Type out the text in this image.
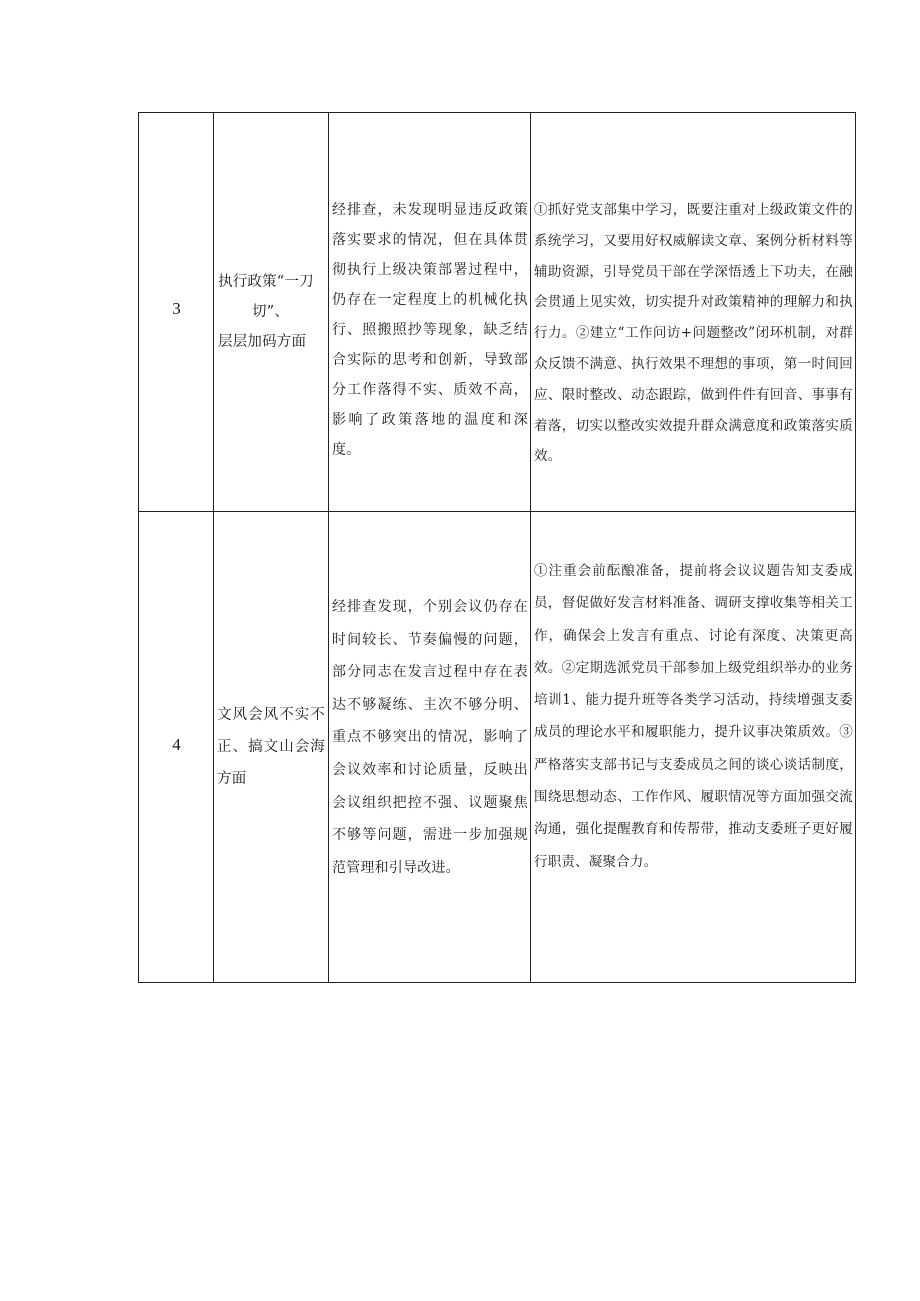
3
执行政策“一刀
切”、
层层加码方面
经排查，未发现明显违反政策落实要求的情况，但在具体贯彻执行上级决策部署过程中，仍存在一定程度上的机械化执行、照搬照抄等现象，缺乏结合实际的思考和创新，导致部分工作落得不实、质效不高，影响了政策落地的温度和深度。
①抓好党支部集中学习，既要注重对上级政策文件的系统学习，又要用好权威解读文章、案例分析材料等辅助资源，引导党员干部在学深悟透上下功夫，在融会贯通上见实效，切实提升对政策精神的理解力和执行力。②建立“工作问访+问题整改”闭环机制，对群众反馈不满意、执行效果不理想的事项，第一时间回应、限时整改、动态跟踪，做到件件有回音、事事有着落，切实以整改实效提升群众满意度和政策落实质效。
4
文风会风不实不正、搞文山会海方面
经排查发现，个别会议仍存在时间较长、节奏偏慢的问题，部分同志在发言过程中存在表达不够凝练、主次不够分明、重点不够突出的情况，影响了会议效率和讨论质量，反映出会议组织把控不强、议题聚焦不够等问题，需进一步加强规范管理和引导改进。
①注重会前酝酿准备，提前将会议议题告知支委成员，督促做好发言材料准备、调研支撑收集等相关工作，确保会上发言有重点、讨论有深度、决策更高效。②定期选派党员干部参加上级党组织举办的业务培训1、能力提升班等各类学习活动，持续增强支委成员的理论水平和履职能力，提升议事决策质效。③严格落实支部书记与支委成员之间的谈心谈话制度，围绕思想动态、工作作风、履职情况等方面加强交流沟通，强化提醒教育和传帮带，推动支委班子更好履行职责、凝聚合力。
